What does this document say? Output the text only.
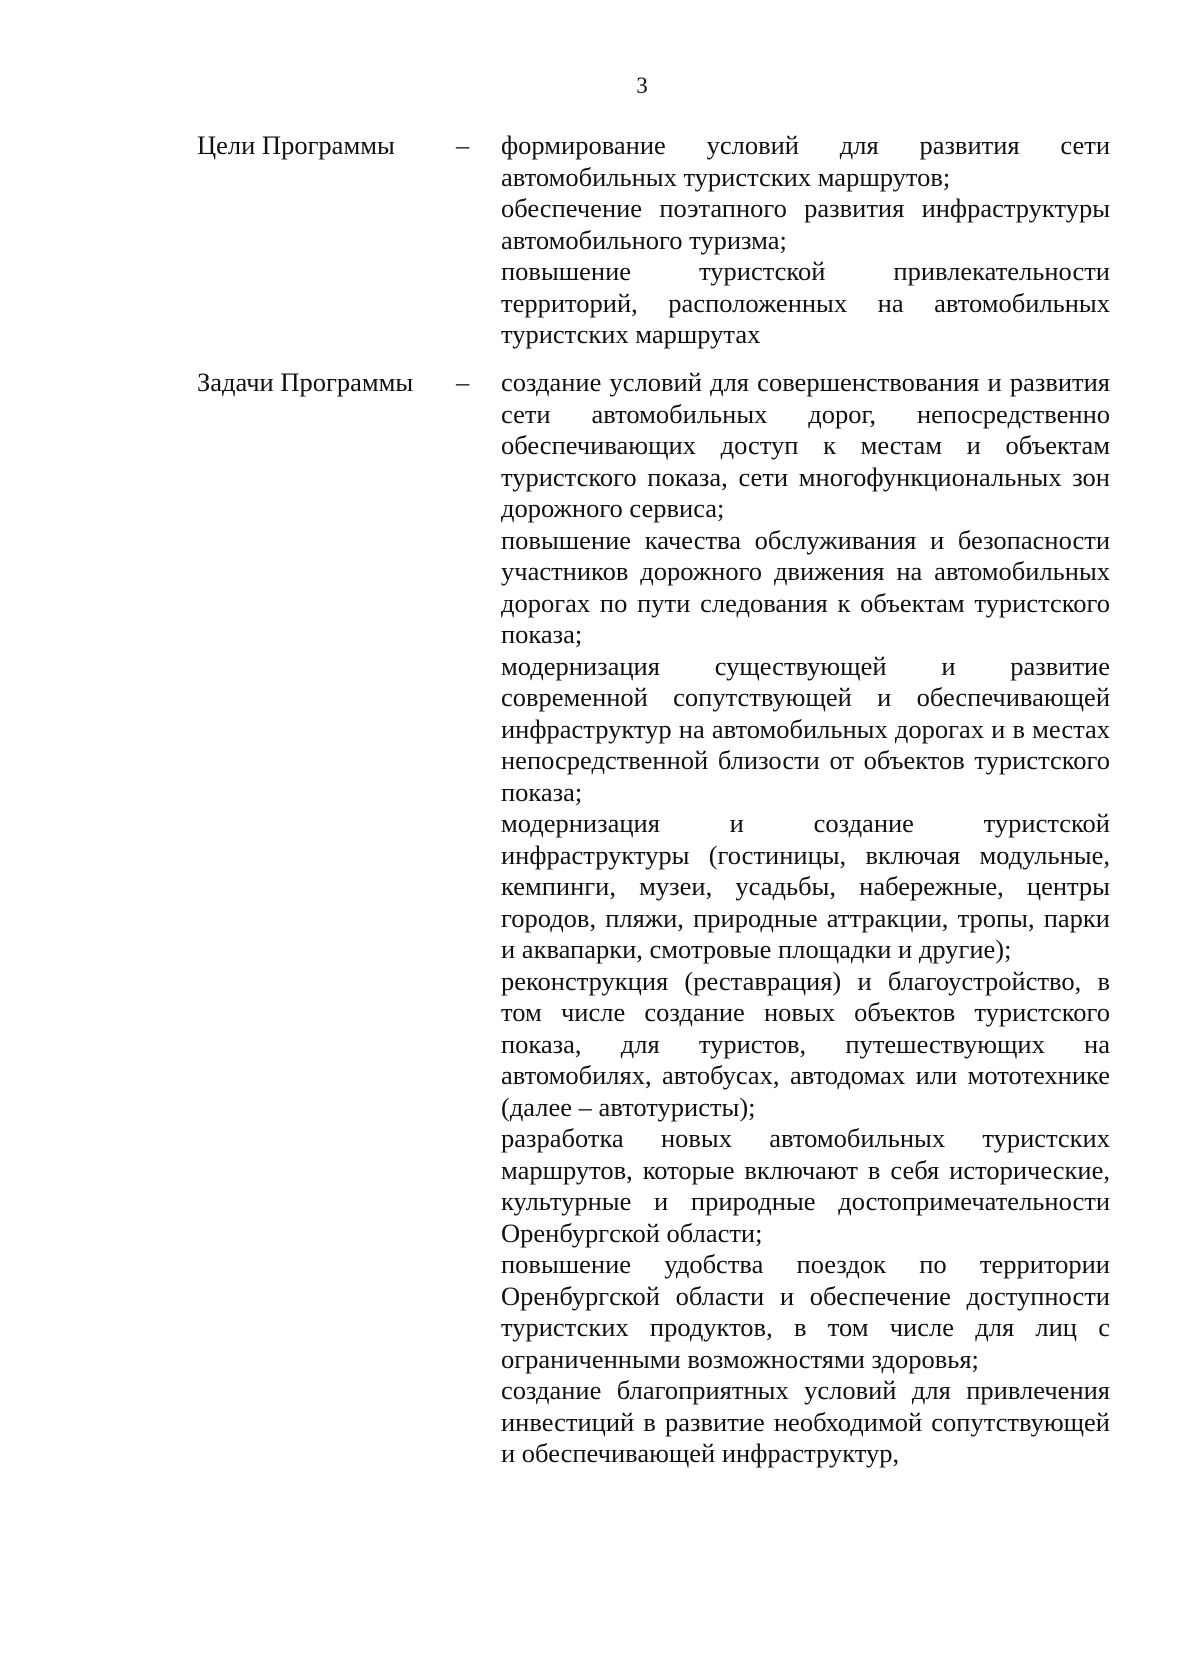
3
Цели Программы – формирование условий для развития сети автомобильных туристских маршрутов;

обеспечение поэтапного развития инфраструктуры автомобильного туризма;

повышение туристской привлекательности территорий, расположенных на автомобильных туристских маршрутах

Задачи Программы – создание условий для совершенствования и развития сети автомобильных дорог, непосредственно обеспечивающих доступ к местам и объектам туристского показа, сети многофункциональных зон дорожного сервиса;

повышение качества обслуживания и безопасности участников дорожного движения на автомобильных дорогах по пути следования к объектам туристского показа;

модернизация существующей и развитие современной сопутствующей и обеспечивающей инфраструктур на автомобильных дорогах и в местах непосредственной близости от объектов туристского показа;

модернизация и создание туристской инфраструктуры (гостиницы, включая модульные, кемпинги, музеи, усадьбы, набережные, центры городов, пляжи, природные аттракции, тропы, парки и аквапарки, смотровые площадки и другие);

реконструкция (реставрация) и благоустройство, в том числе создание новых объектов туристского показа, для туристов, путешествующих на автомобилях, автобусах, автодомах или мототехнике (далее – автотуристы);

разработка новых автомобильных туристских маршрутов, которые включают в себя исторические, культурные и природные достопримечательности Оренбургской области;

повышение удобства поездок по территории Оренбургской области и обеспечение доступности туристских продуктов, в том числе для лиц с ограниченными возможностями здоровья;

создание благоприятных условий для привлечения инвестиций в развитие необходимой сопутствующей и обеспечивающей инфраструктур,
